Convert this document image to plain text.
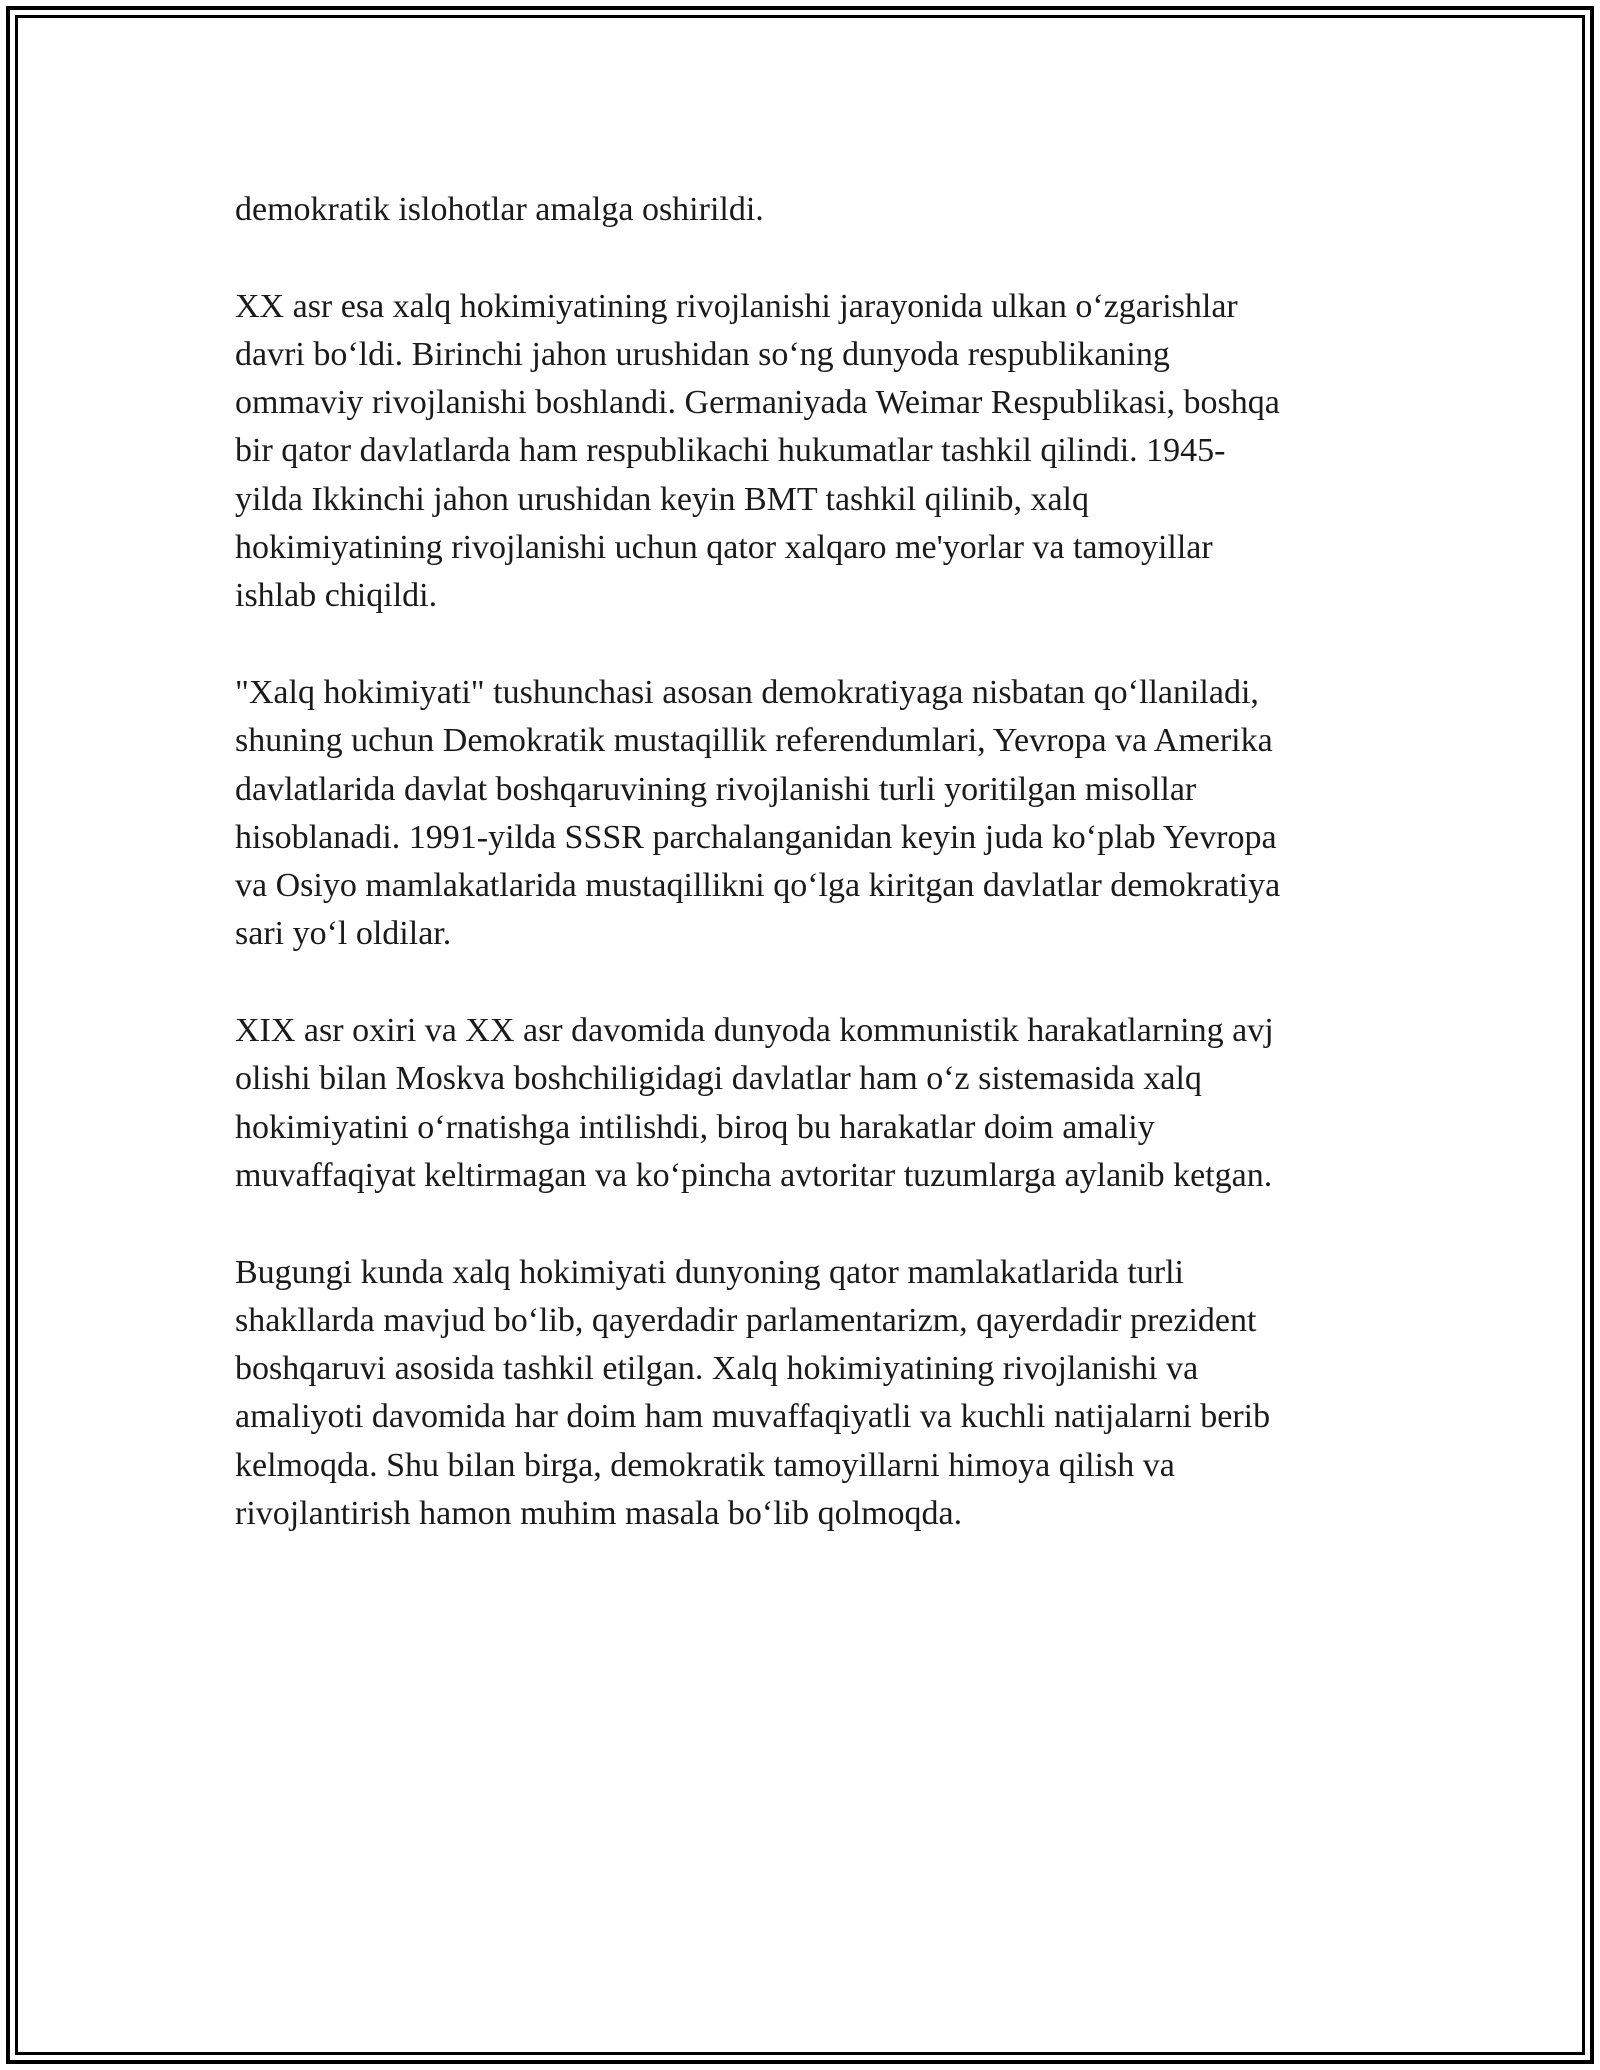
demokratik islohotlar amalga oshirildi.

XX asr esa xalq hokimiyatining rivojlanishi jarayonida ulkan o‘zgarishlar
davri bo‘ldi. Birinchi jahon urushidan so‘ng dunyoda respublikaning
ommaviy rivojlanishi boshlandi. Germaniyada Weimar Respublikasi, boshqa
bir qator davlatlarda ham respublikachi hukumatlar tashkil qilindi. 1945-
yilda Ikkinchi jahon urushidan keyin BMT tashkil qilinib, xalq
hokimiyatining rivojlanishi uchun qator xalqaro me'yorlar va tamoyillar
ishlab chiqildi.

"Xalq hokimiyati" tushunchasi asosan demokratiyaga nisbatan qo‘llaniladi,
shuning uchun Demokratik mustaqillik referendumlari, Yevropa va Amerika
davlatlarida davlat boshqaruvining rivojlanishi turli yoritilgan misollar
hisoblanadi. 1991-yilda SSSR parchalanganidan keyin juda ko‘plab Yevropa
va Osiyo mamlakatlarida mustaqillikni qo‘lga kiritgan davlatlar demokratiya
sari yo‘l oldilar.

XIX asr oxiri va XX asr davomida dunyoda kommunistik harakatlarning avj
olishi bilan Moskva boshchiligidagi davlatlar ham o‘z sistemasida xalq
hokimiyatini o‘rnatishga intilishdi, biroq bu harakatlar doim amaliy
muvaffaqiyat keltirmagan va ko‘pincha avtoritar tuzumlarga aylanib ketgan.

Bugungi kunda xalq hokimiyati dunyoning qator mamlakatlarida turli
shakllarda mavjud bo‘lib, qayerdadir parlamentarizm, qayerdadir prezident
boshqaruvi asosida tashkil etilgan. Xalq hokimiyatining rivojlanishi va
amaliyoti davomida har doim ham muvaffaqiyatli va kuchli natijalarni berib
kelmoqda. Shu bilan birga, demokratik tamoyillarni himoya qilish va
rivojlantirish hamon muhim masala bo‘lib qolmoqda.
